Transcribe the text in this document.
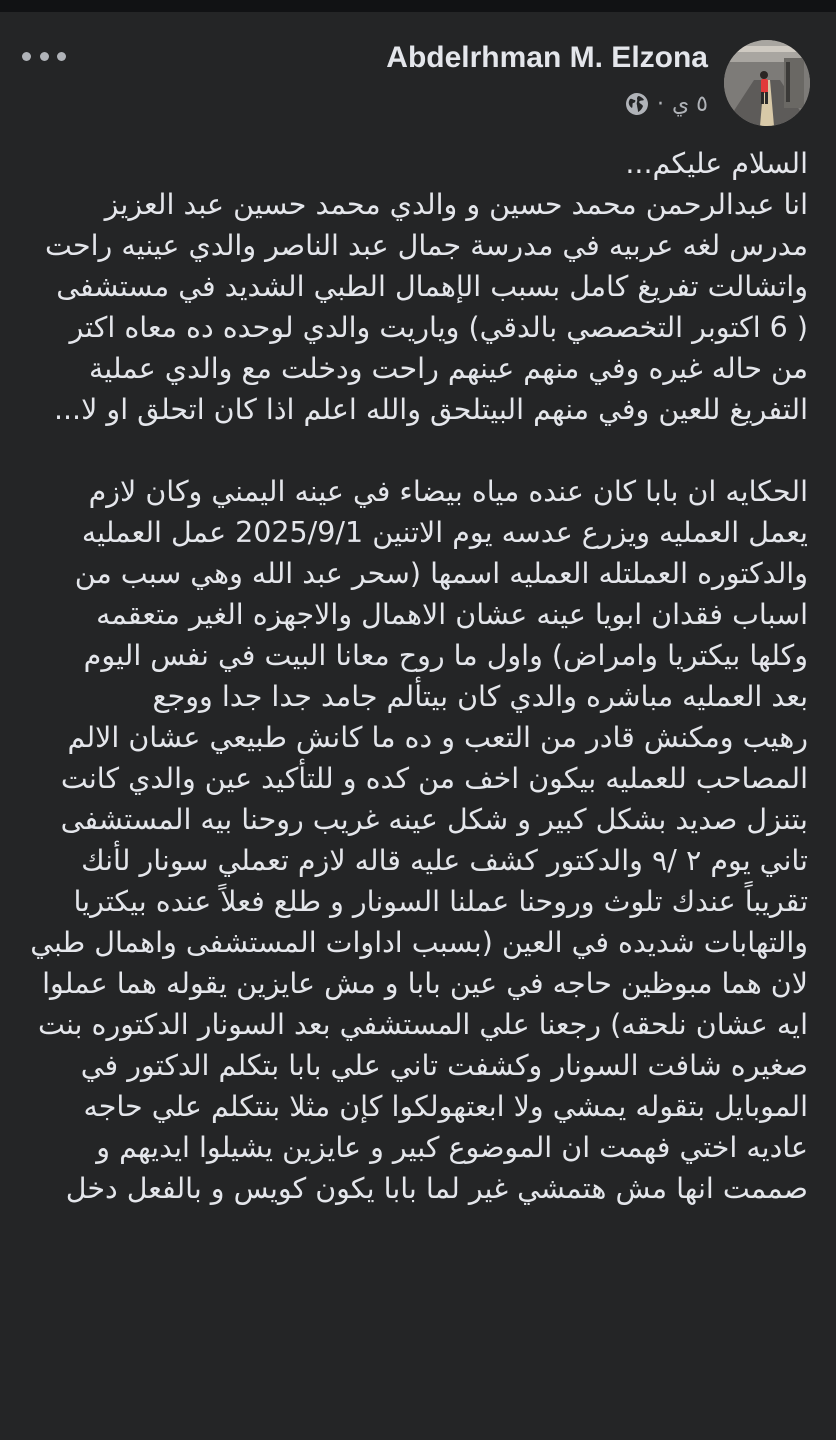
Abdelrhman M. Elzona
· ٥ ي

السلام عليكم...
انا عبدالرحمن محمد حسين و والدي محمد حسين عبد العزيز
مدرس لغه عربيه في مدرسة جمال عبد الناصر والدي عينيه راحت
واتشالت تفريغ كامل بسبب الإهمال الطبي الشديد في مستشفى
( 6 اكتوبر التخصصي بالدقي) وياريت والدي لوحده ده معاه اكتر
من حاله غيره وفي منهم عينهم راحت ودخلت مع والدي عملية
التفريغ للعين وفي منهم البيتلحق والله اعلم اذا كان اتحلق او لا...

الحكايه ان بابا كان عنده مياه بيضاء في عينه اليمني وكان لازم
يعمل العمليه ويزرع عدسه يوم الاتنين 2025/9/1 عمل العمليه
والدكتوره العملتله العمليه اسمها (سحر عبد الله وهي سبب من
اسباب فقدان ابويا عينه عشان الاهمال والاجهزه الغير متعقمه
وكلها بيكتريا وامراض) واول ما روح معانا البيت في نفس اليوم
بعد العمليه مباشره والدي كان بيتألم جامد جدا جدا ووجع
رهيب ومكنش قادر من التعب و ده ما كانش طبيعي عشان الالم
المصاحب للعمليه بيكون اخف من كده و للتأكيد عين والدي كانت
بتنزل صديد بشكل كبير و شكل عينه غريب روحنا بيه المستشفى
تاني يوم ٢ /٩ والدكتور كشف عليه قاله لازم تعملي سونار لأنك
تقريباً عندك تلوث وروحنا عملنا السونار و طلع فعلاً عنده بيكتريا
والتهابات شديده في العين (بسبب اداوات المستشفى واهمال طبي
لان هما مبوظين حاجه في عين بابا و مش عايزين يقوله هما عملوا
ايه عشان نلحقه) رجعنا علي المستشفي بعد السونار الدكتوره بنت
صغيره شافت السونار وكشفت تاني علي بابا بتكلم الدكتور في
الموبايل بتقوله يمشي ولا ابعتهولكوا كإن مثلا بنتكلم علي حاجه
عاديه اختي فهمت ان الموضوع كبير و عايزين يشيلوا ايديهم و
صممت انها مش هتمشي غير لما بابا يكون كويس و بالفعل دخل
